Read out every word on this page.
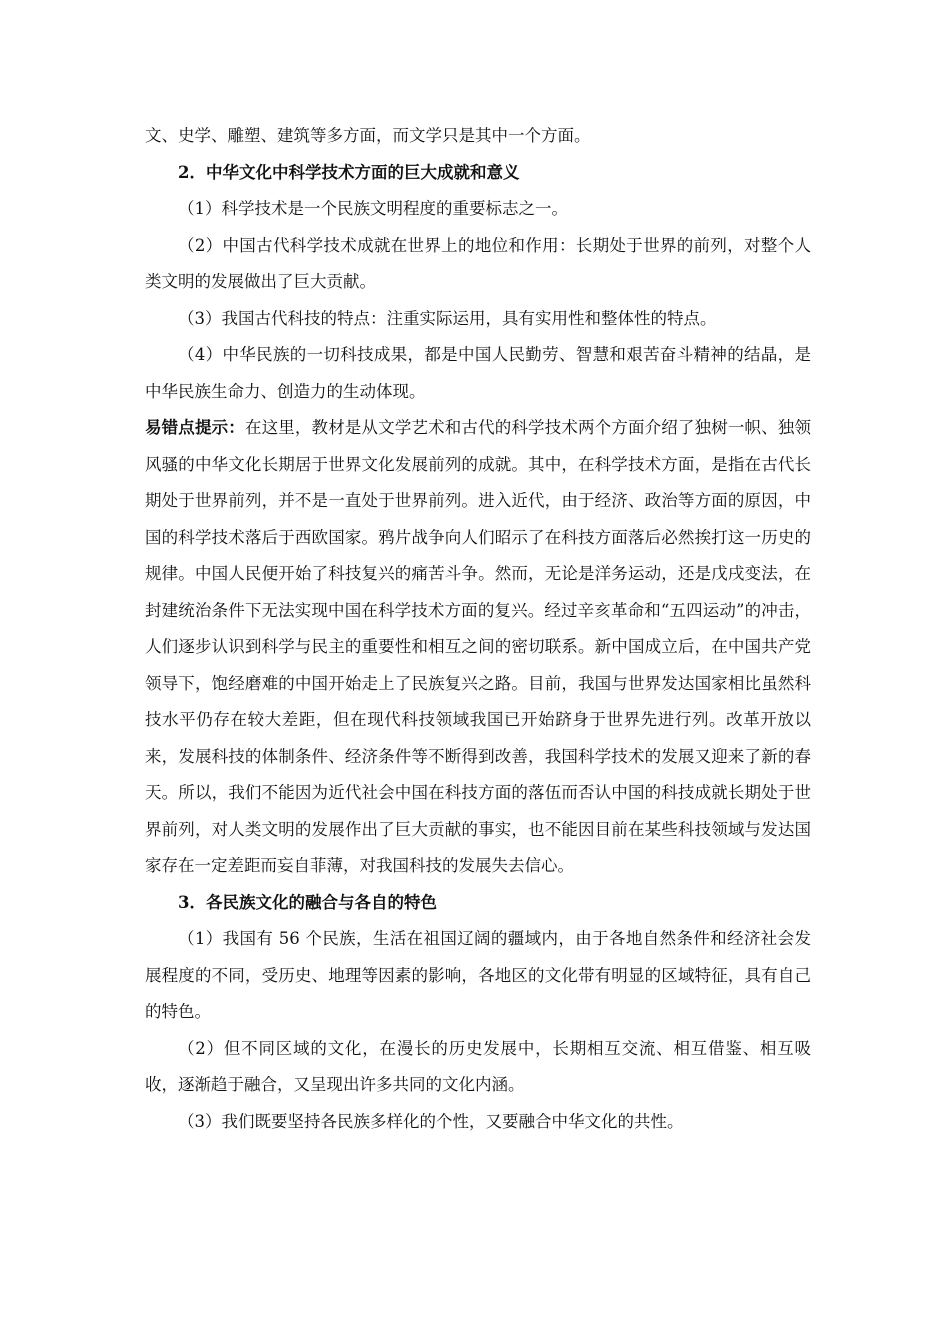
文、史学、雕塑、建筑等多方面，而文学只是其中一个方面。

2．中华文化中科学技术方面的巨大成就和意义

（1）科学技术是一个民族文明程度的重要标志之一。

（2）中国古代科学技术成就在世界上的地位和作用：长期处于世界的前列，对整个人类文明的发展做出了巨大贡献。

（3）我国古代科技的特点：注重实际运用，具有实用性和整体性的特点。

（4）中华民族的一切科技成果，都是中国人民勤劳、智慧和艰苦奋斗精神的结晶，是中华民族生命力、创造力的生动体现。

易错点提示：在这里，教材是从文学艺术和古代的科学技术两个方面介绍了独树一帜、独领风骚的中华文化长期居于世界文化发展前列的成就。其中，在科学技术方面，是指在古代长期处于世界前列，并不是一直处于世界前列。进入近代，由于经济、政治等方面的原因，中国的科学技术落后于西欧国家。鸦片战争向人们昭示了在科技方面落后必然挨打这一历史的规律。中国人民便开始了科技复兴的痛苦斗争。然而，无论是洋务运动，还是戊戌变法，在封建统治条件下无法实现中国在科学技术方面的复兴。经过辛亥革命和“五四运动”的冲击，人们逐步认识到科学与民主的重要性和相互之间的密切联系。新中国成立后，在中国共产党领导下，饱经磨难的中国开始走上了民族复兴之路。目前，我国与世界发达国家相比虽然科技水平仍存在较大差距，但在现代科技领域我国已开始跻身于世界先进行列。改革开放以来，发展科技的体制条件、经济条件等不断得到改善，我国科学技术的发展又迎来了新的春天。所以，我们不能因为近代社会中国在科技方面的落伍而否认中国的科技成就长期处于世界前列，对人类文明的发展作出了巨大贡献的事实，也不能因目前在某些科技领域与发达国家存在一定差距而妄自菲薄，对我国科技的发展失去信心。

3．各民族文化的融合与各自的特色

（1）我国有 56 个民族，生活在祖国辽阔的疆域内，由于各地自然条件和经济社会发展程度的不同，受历史、地理等因素的影响，各地区的文化带有明显的区域特征，具有自己的特色。

（2）但不同区域的文化，在漫长的历史发展中，长期相互交流、相互借鉴、相互吸收，逐渐趋于融合，又呈现出许多共同的文化内涵。

（3）我们既要坚持各民族多样化的个性，又要融合中华文化的共性。
